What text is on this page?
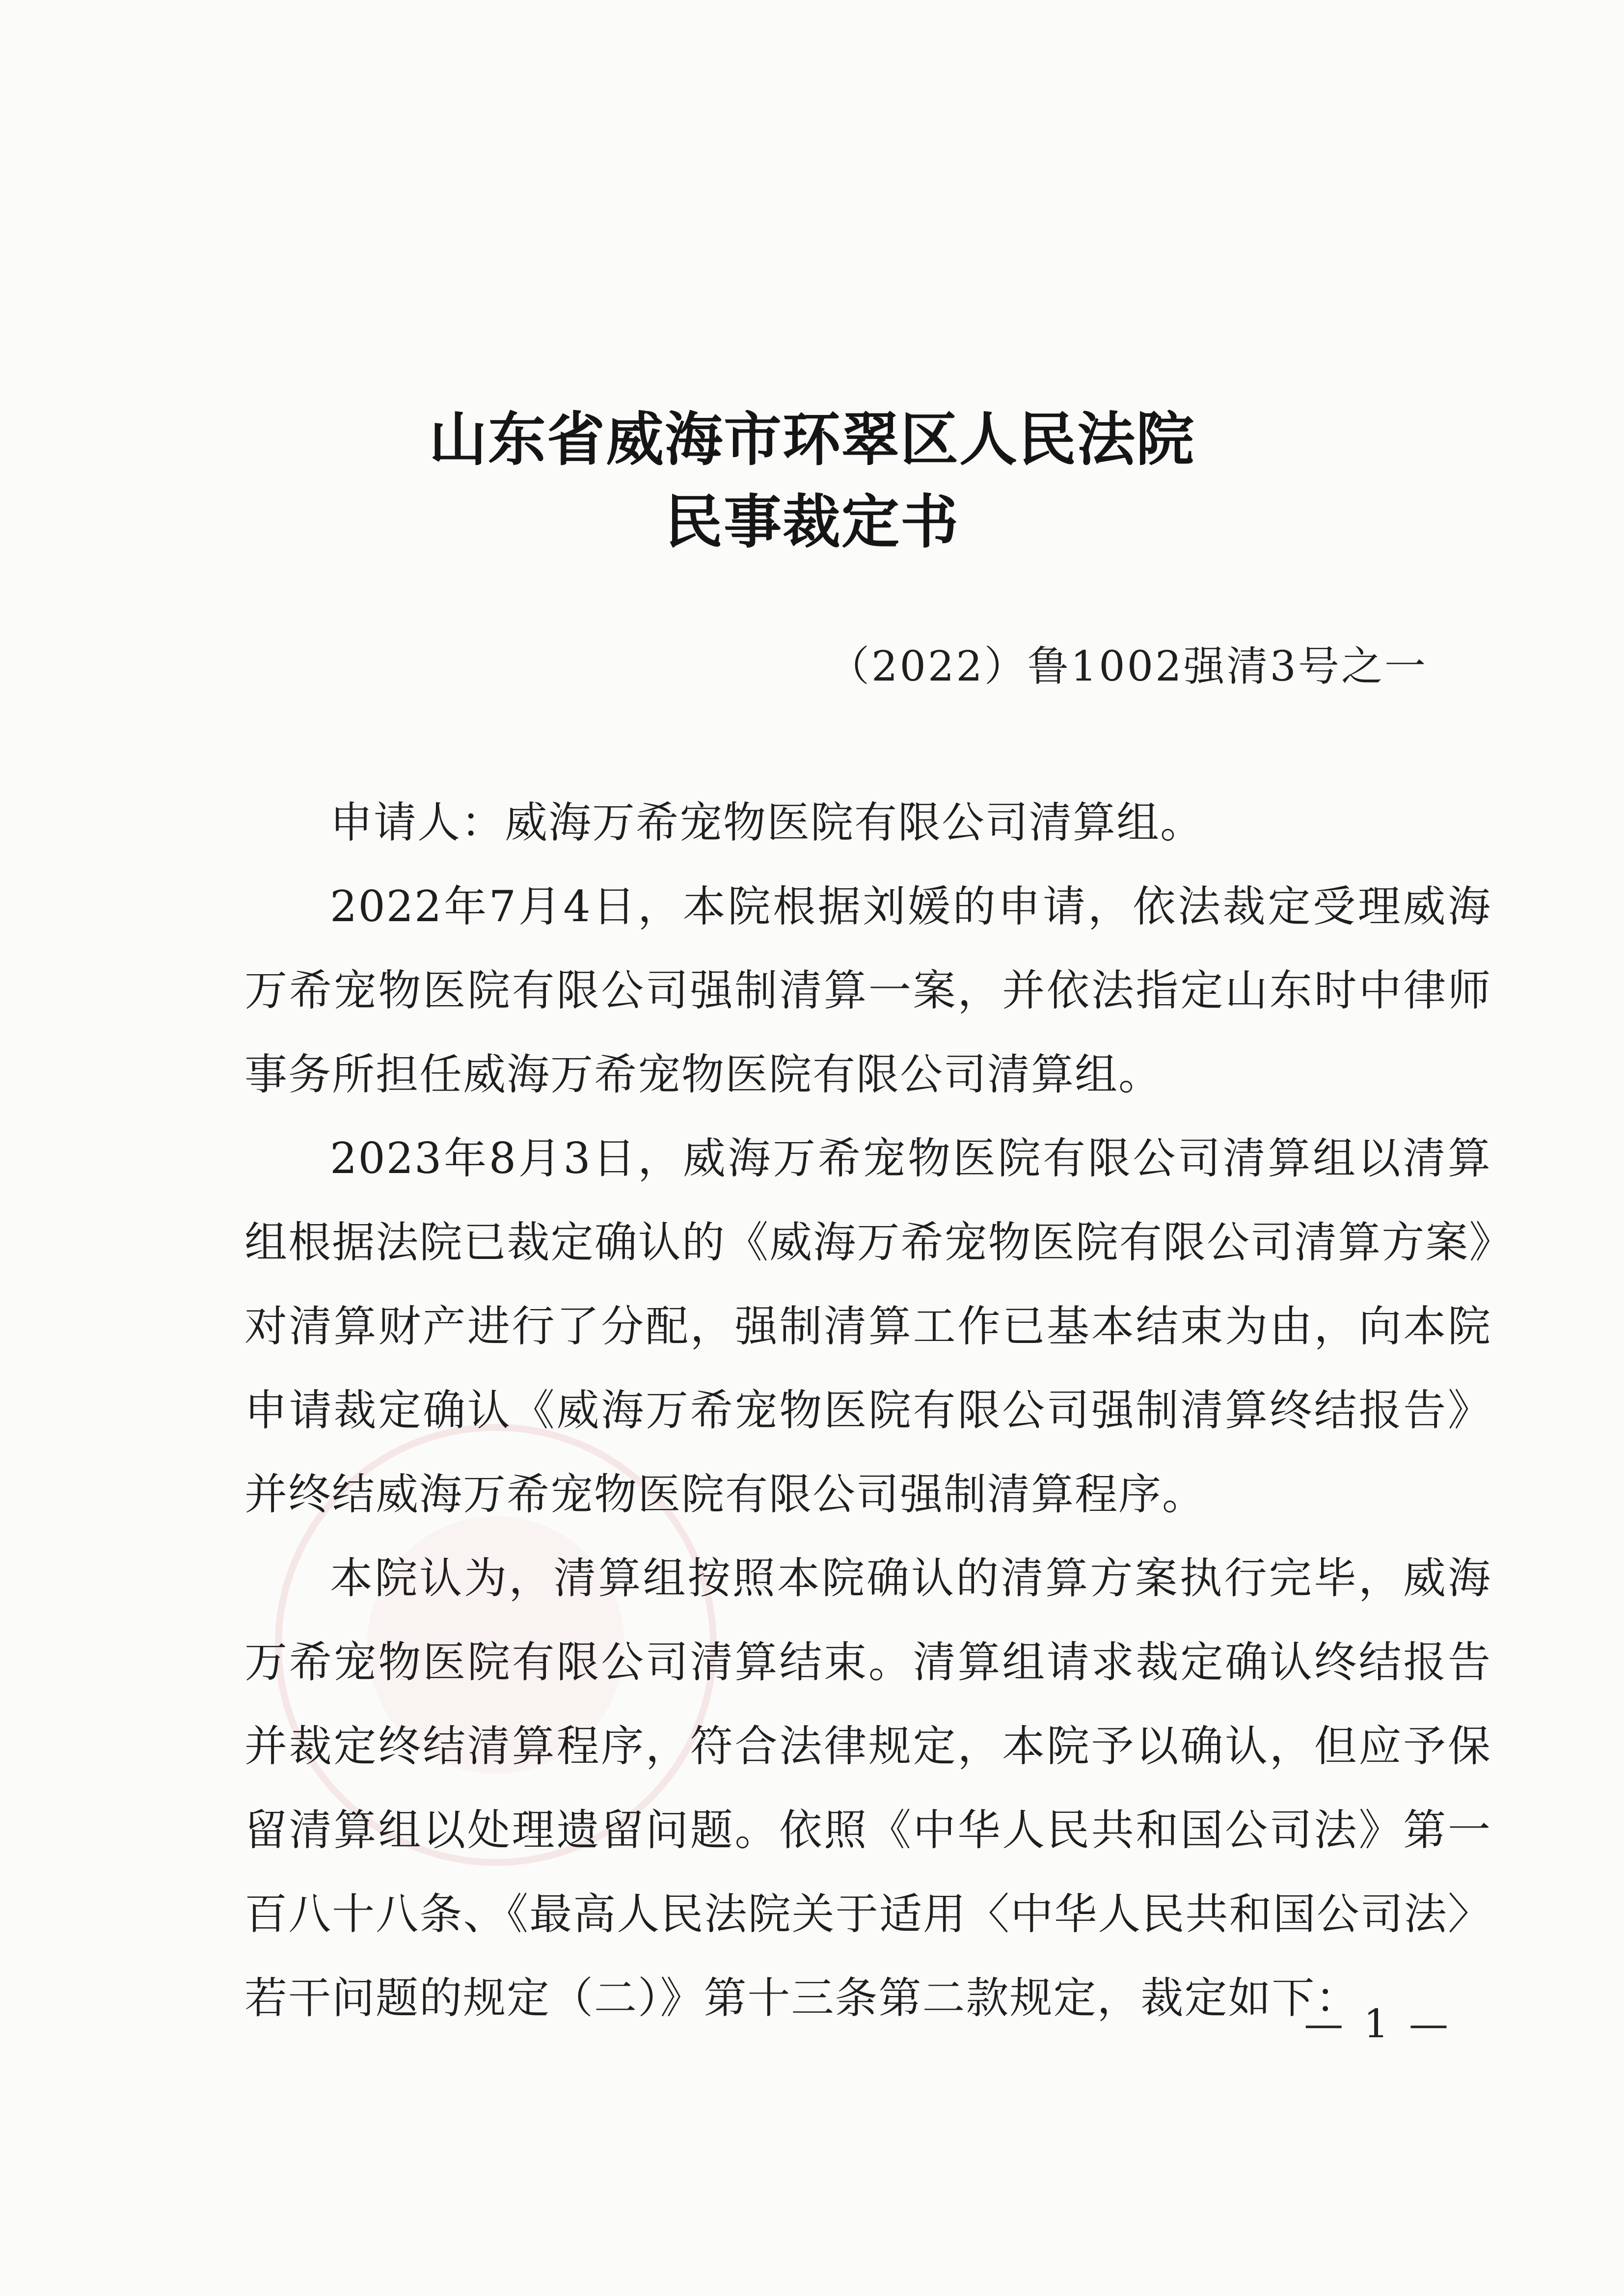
山东省威海市环翠区人民法院
民事裁定书
（2022）鲁1002强清3号之一

申请人：威海万希宠物医院有限公司清算组。

2022年7月4日，本院根据刘媛的申请，依法裁定受理威海万希宠物医院有限公司强制清算一案，并依法指定山东时中律师事务所担任威海万希宠物医院有限公司清算组。

2023年8月3日，威海万希宠物医院有限公司清算组以清算组根据法院已裁定确认的《威海万希宠物医院有限公司清算方案》对清算财产进行了分配，强制清算工作已基本结束为由，向本院申请裁定确认《威海万希宠物医院有限公司强制清算终结报告》并终结威海万希宠物医院有限公司强制清算程序。

本院认为，清算组按照本院确认的清算方案执行完毕，威海万希宠物医院有限公司清算结束。清算组请求裁定确认终结报告并裁定终结清算程序，符合法律规定，本院予以确认，但应予保留清算组以处理遗留问题。依照《中华人民共和国公司法》第一百八十八条、《最高人民法院关于适用〈中华人民共和国公司法〉若干问题的规定（二）》第十三条第二款规定，裁定如下：

— 1 —
